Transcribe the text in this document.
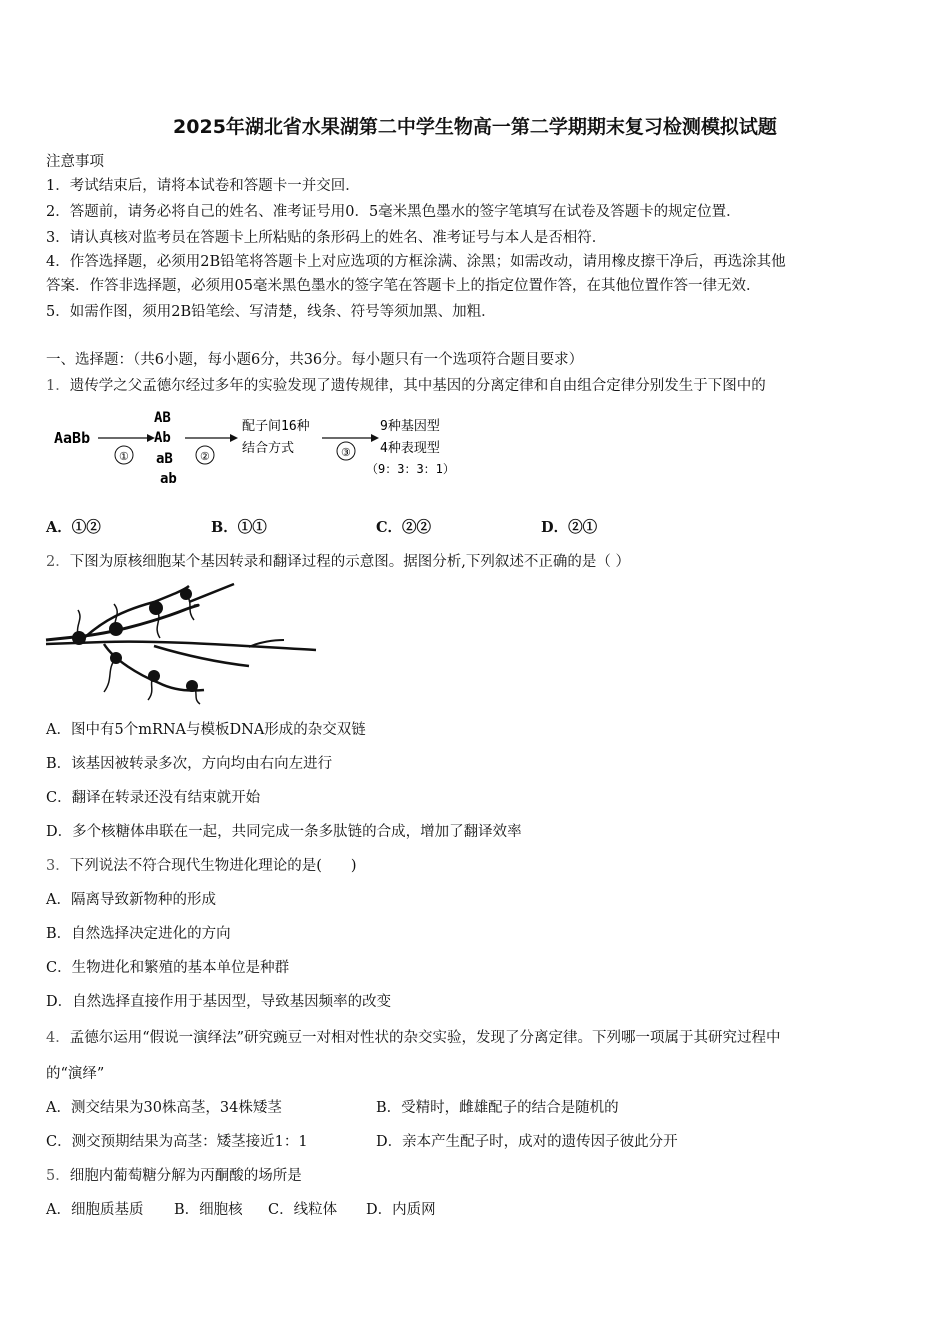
2025年湖北省水果湖第二中学生物高一第二学期期末复习检测模拟试题
注意事项
1．考试结束后，请将本试卷和答题卡一并交回．
2．答题前，请务必将自己的姓名、准考证号用0．5毫米黑色墨水的签字笔填写在试卷及答题卡的规定位置．
3．请认真核对监考员在答题卡上所粘贴的条形码上的姓名、准考证号与本人是否相符．
4．作答选择题，必须用2B铅笔将答题卡上对应选项的方框涂满、涂黑；如需改动，请用橡皮擦干净后，再选涂其他
答案．作答非选择题，必须用05毫米黑色墨水的签字笔在答题卡上的指定位置作答，在其他位置作答一律无效．
5．如需作图，须用2B铅笔绘、写清楚，线条、符号等须加黑、加粗．
一、选择题：（共6小题，每小题6分，共36分。每小题只有一个选项符合题目要求）
1．遗传学之父孟德尔经过多年的实验发现了遗传规律，其中基因的分离定律和自由组合定律分别发生于下图中的
AaBb
①
AB
Ab
aB
ab
②
配子间16种
结合方式	③
9种基因型
4种表现型
（9：3：3：1）
A．①②	B．①①	C．②②	D．②①
2．下图为原核细胞某个基因转录和翻译过程的示意图。据图分析,下列叙述不正确的是（ ）
A．图中有5个mRNA与模板DNA形成的杂交双链
B．该基因被转录多次，方向均由右向左进行
C．翻译在转录还没有结束就开始
D．多个核糖体串联在一起，共同完成一条多肽链的合成，增加了翻译效率
3．下列说法不符合现代生物进化理论的是(　　)
A．隔离导致新物种的形成
B．自然选择决定进化的方向
C．生物进化和繁殖的基本单位是种群
D．自然选择直接作用于基因型，导致基因频率的改变
4．孟德尔运用“假说一演绎法”研究豌豆一对相对性状的杂交实验，发现了分离定律。下列哪一项属于其研究过程中
的“演绎”
A．测交结果为30株高茎，34株矮茎	B．受精时，雌雄配子的结合是随机的
C．测交预期结果为高茎：矮茎接近1：1	D．亲本产生配子时，成对的遗传因子彼此分开
5．细胞内葡萄糖分解为丙酮酸的场所是
A．细胞质基质 B．细胞核 C．线粒体 D．内质网
